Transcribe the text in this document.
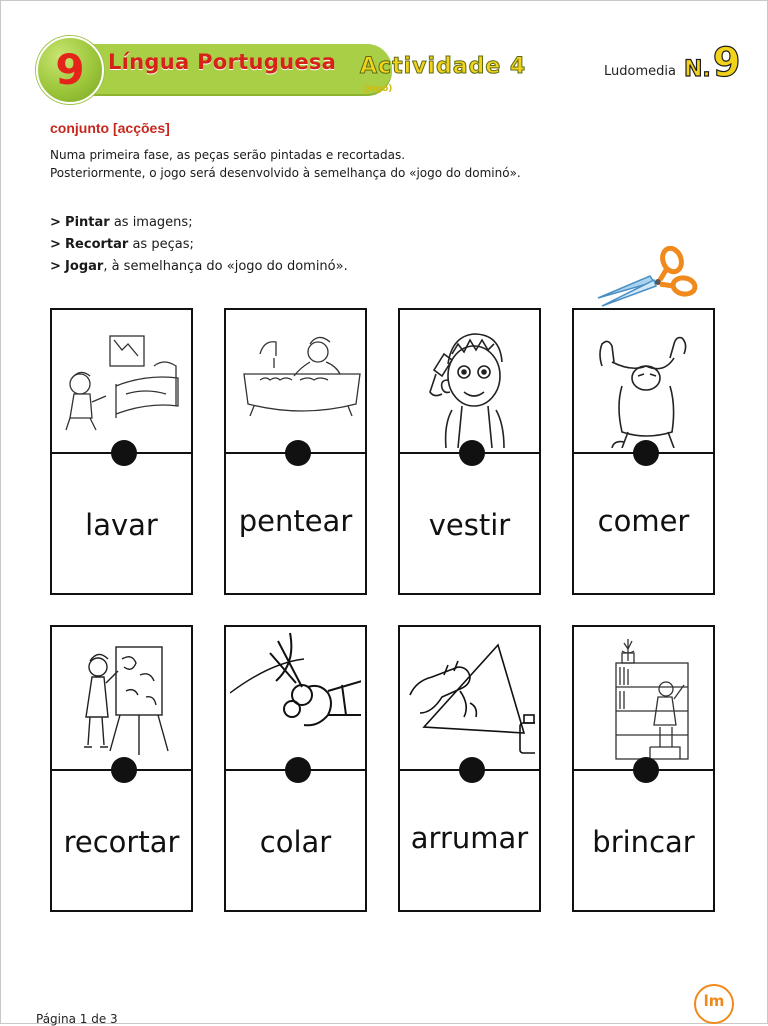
9	Língua Portuguesa Actividade 4
(Jogo)
Ludomedia N.9
conjunto [acções]

Numa primeira fase, as peças serão pintadas e recortadas.

Posteriormente, o jogo será desenvolvido à semelhança do «jogo do dominó».

> Pintar as imagens;

> Recortar as peças;

> Jogar, à semelhança do «jogo do dominó».

lavar	pentear	vestir	comer
recortar	colar	arrumar	brincar
Página 1 de 3
lm
